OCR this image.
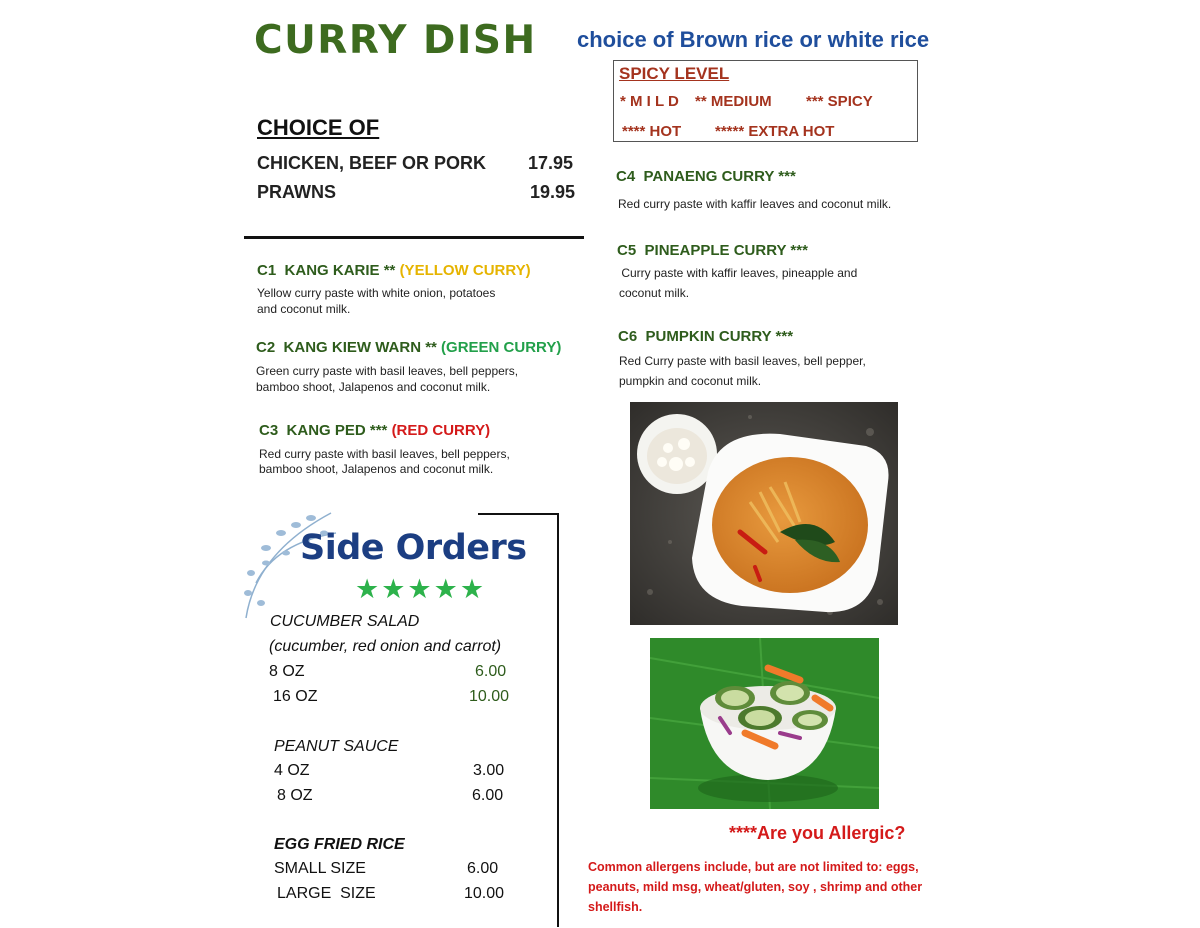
CURRY DISH choice of Brown rice or white rice
SPICY LEVEL
* M I L D ** MEDIUM *** SPICY
**** HOT ***** EXTRA HOT
CHOICE OF
CHICKEN, BEEF OR PORK 17.95
PRAWNS	19.95
C1 KANG KARIE ** (YELLOW CURRY)
Yellow curry paste with white onion, potatoes
and coconut milk.
C2 KANG KIEW WARN ** (GREEN CURRY)
Green curry paste with basil leaves, bell peppers,
bamboo shoot, Jalapenos and coconut milk.
C3 KANG PED *** (RED CURRY)
Red curry paste with basil leaves, bell peppers,
bamboo shoot, Jalapenos and coconut milk.
C4 PANAENG CURRY ***
Red curry paste with kaffir leaves and coconut milk.
C5 PINEAPPLE CURRY ***
Curry paste with kaffir leaves, pineapple and
coconut milk.
C6 PUMPKIN CURRY ***
Red Curry paste with basil leaves, bell pepper,
pumpkin and coconut milk.
Side Orders
★★★★★
CUCUMBER SALAD
(cucumber, red onion and carrot)
8 OZ	6.00
16 OZ	10.00
PEANUT SAUCE
4 OZ	3.00
8 OZ	6.00
EGG FRIED RICE
SMALL SIZE	6.00
LARGE  SIZE	10.00
****Are you Allergic?
Common allergens include, but are not limited to: eggs, peanuts, mild msg, wheat/gluten, soy , shrimp and other shellfish.
